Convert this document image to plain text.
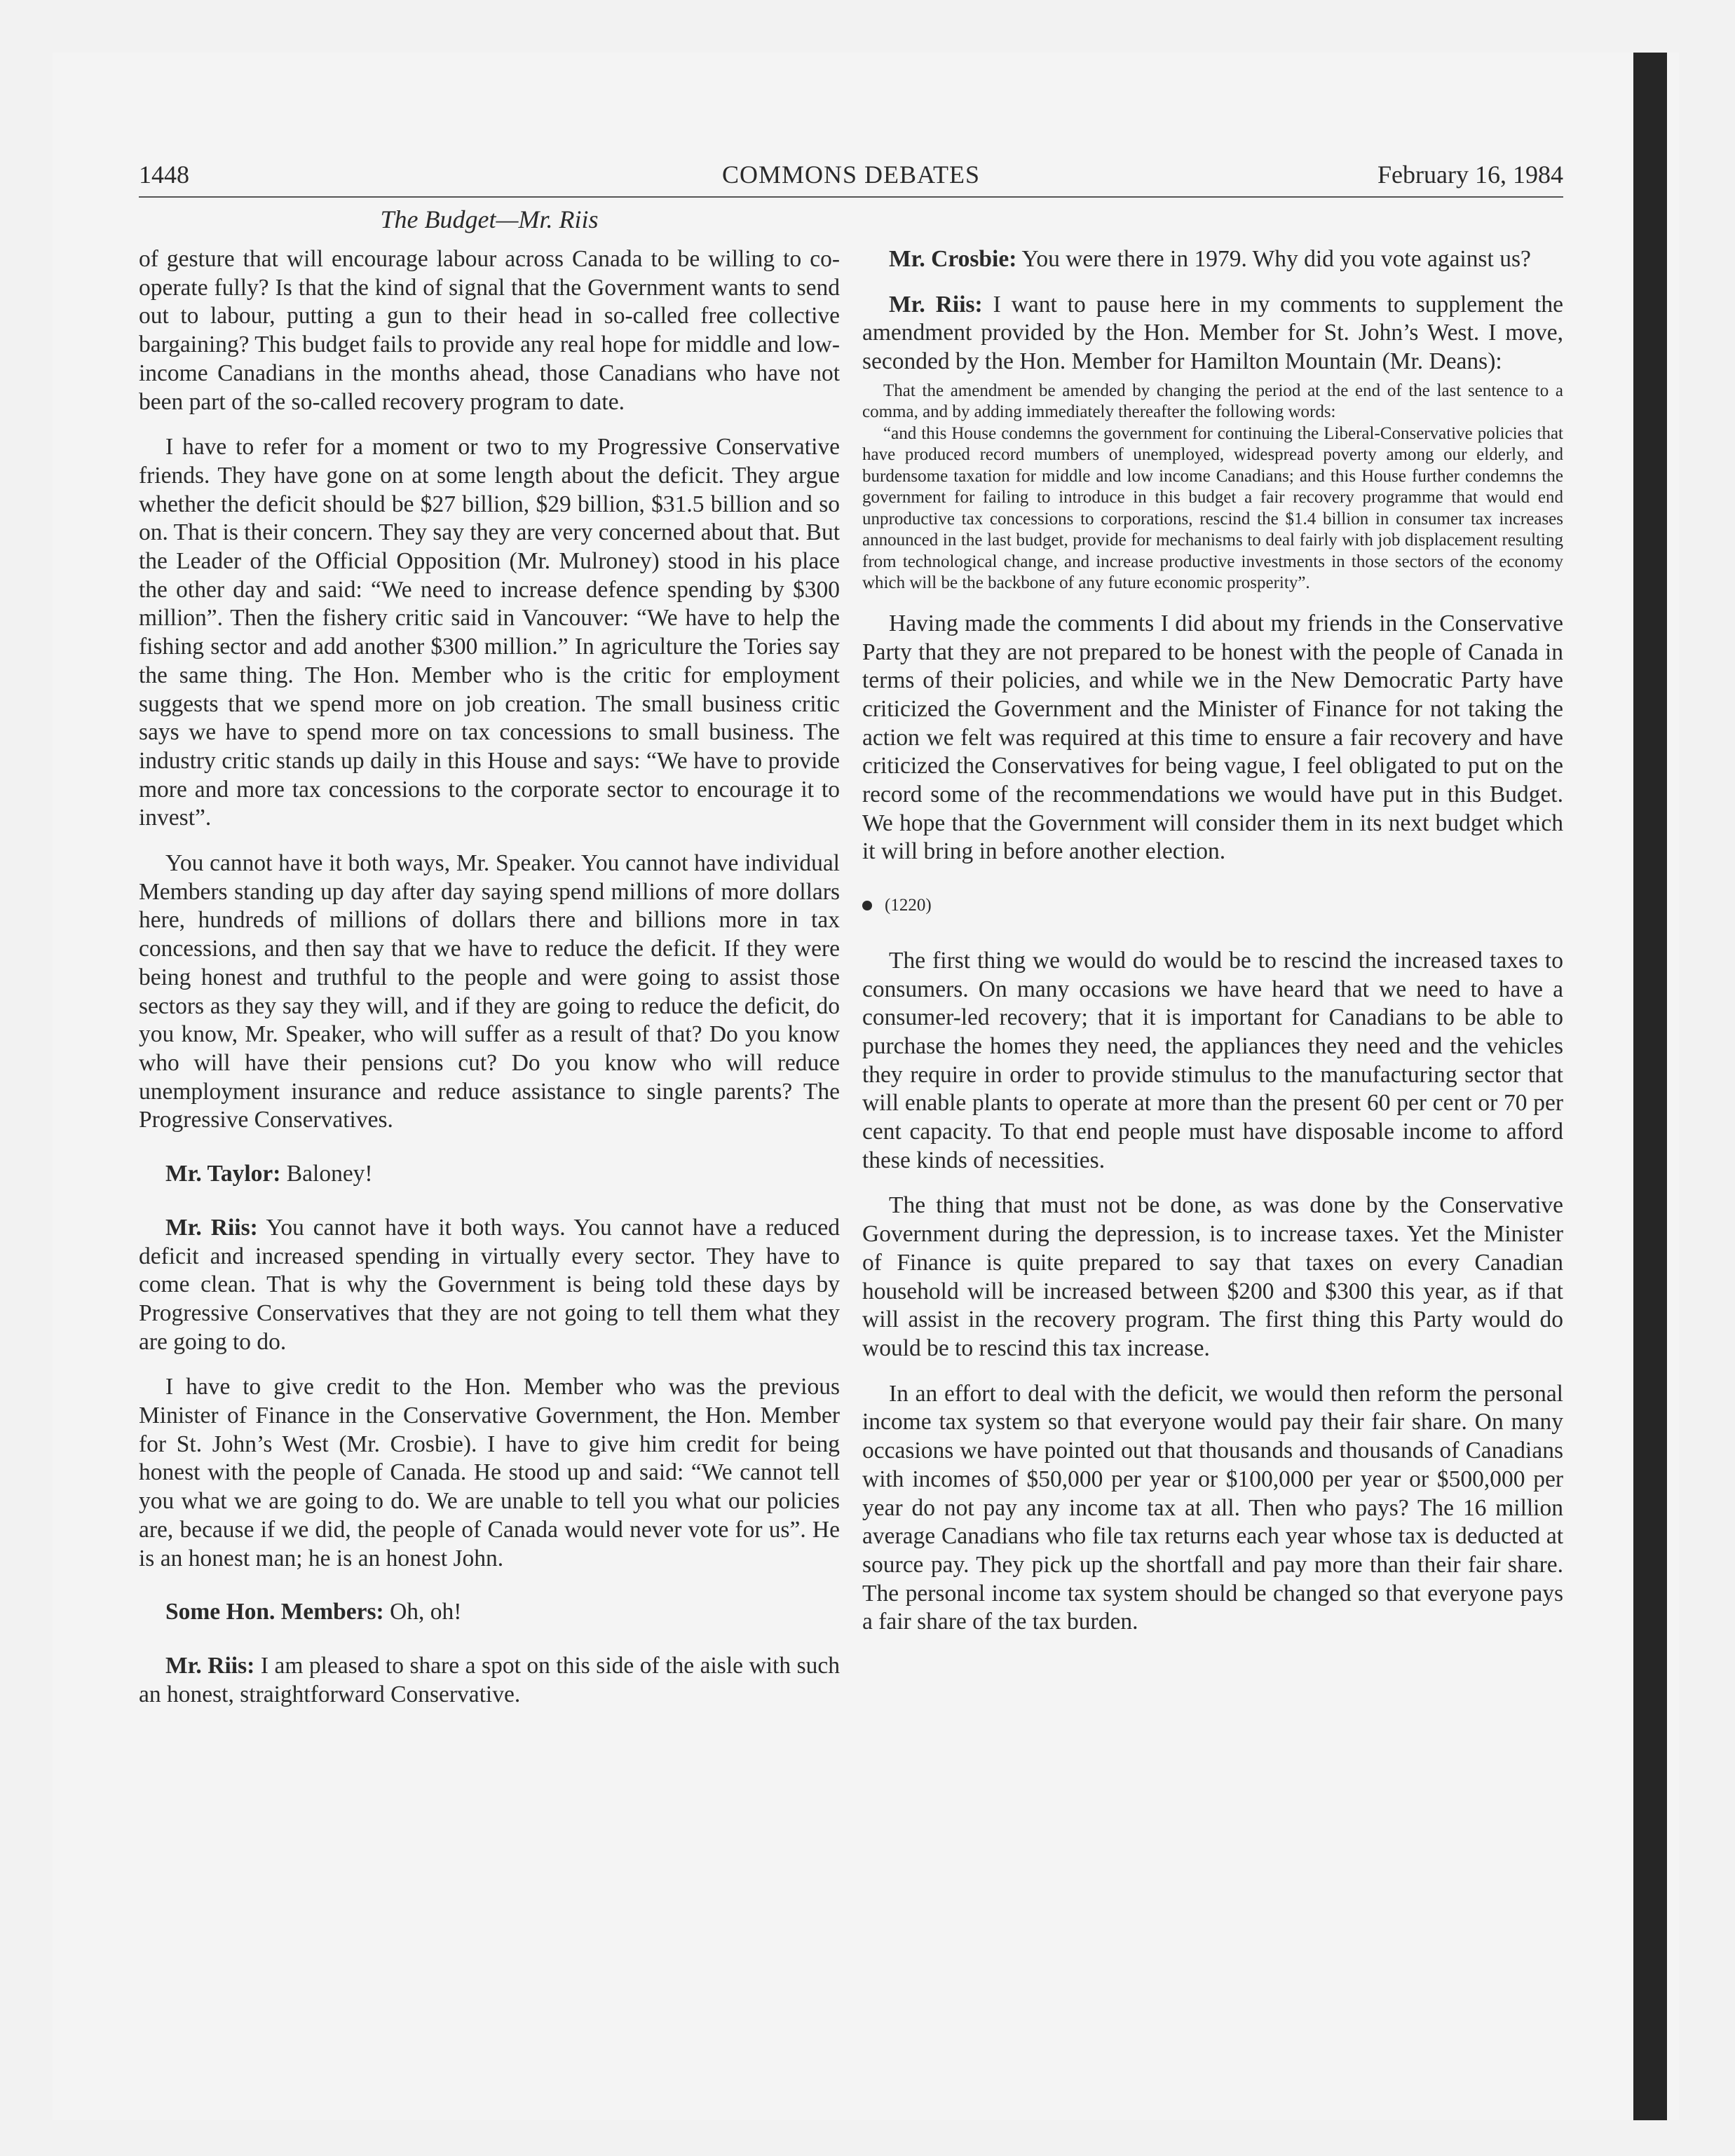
1448	COMMONS DEBATES	February 16, 1984
The Budget—Mr. Riis

of gesture that will encourage labour across Canada to be willing to co-operate fully? Is that the kind of signal that the Government wants to send out to labour, putting a gun to their head in so-called free collective bargaining? This budget fails to provide any real hope for middle and low-income Canadians in the months ahead, those Canadians who have not been part of the so-called recovery program to date.

I have to refer for a moment or two to my Progressive Conservative friends. They have gone on at some length about the deficit. They argue whether the deficit should be $27 billion, $29 billion, $31.5 billion and so on. That is their concern. They say they are very concerned about that. But the Leader of the Official Opposition (Mr. Mulroney) stood in his place the other day and said: “We need to increase defence spending by $300 million”. Then the fishery critic said in Vancouver: “We have to help the fishing sector and add another $300 million.” In agriculture the Tories say the same thing. The Hon. Member who is the critic for employment suggests that we spend more on job creation. The small business critic says we have to spend more on tax concessions to small business. The industry critic stands up daily in this House and says: “We have to provide more and more tax concessions to the corporate sector to encourage it to invest”.

You cannot have it both ways, Mr. Speaker. You cannot have individual Members standing up day after day saying spend millions of more dollars here, hundreds of millions of dollars there and billions more in tax concessions, and then say that we have to reduce the deficit. If they were being honest and truthful to the people and were going to assist those sectors as they say they will, and if they are going to reduce the deficit, do you know, Mr. Speaker, who will suffer as a result of that? Do you know who will have their pensions cut? Do you know who will reduce unemployment insurance and reduce assistance to single parents? The Progressive Conservatives.

Mr. Taylor: Baloney!

Mr. Riis: You cannot have it both ways. You cannot have a reduced deficit and increased spending in virtually every sector. They have to come clean. That is why the Government is being told these days by Progressive Conservatives that they are not going to tell them what they are going to do.

I have to give credit to the Hon. Member who was the previous Minister of Finance in the Conservative Government, the Hon. Member for St. John’s West (Mr. Crosbie). I have to give him credit for being honest with the people of Canada. He stood up and said: “We cannot tell you what we are going to do. We are unable to tell you what our policies are, because if we did, the people of Canada would never vote for us”. He is an honest man; he is an honest John.

Some Hon. Members: Oh, oh!

Mr. Riis: I am pleased to share a spot on this side of the aisle with such an honest, straightforward Conservative.

Mr. Crosbie: You were there in 1979. Why did you vote against us?

Mr. Riis: I want to pause here in my comments to supplement the amendment provided by the Hon. Member for St. John’s West. I move, seconded by the Hon. Member for Hamilton Mountain (Mr. Deans):

That the amendment be amended by changing the period at the end of the last sentence to a comma, and by adding immediately thereafter the following words:
“and this House condemns the government for continuing the Liberal-Conservative policies that have produced record mumbers of unemployed, widespread poverty among our elderly, and burdensome taxation for middle and low income Canadians; and this House further condemns the government for failing to introduce in this budget a fair recovery programme that would end unproductive tax concessions to corporations, rescind the $1.4 billion in consumer tax increases announced in the last budget, provide for mechanisms to deal fairly with job displacement resulting from technological change, and increase productive investments in those sectors of the economy which will be the backbone of any future economic prosperity”.

Having made the comments I did about my friends in the Conservative Party that they are not prepared to be honest with the people of Canada in terms of their policies, and while we in the New Democratic Party have criticized the Government and the Minister of Finance for not taking the action we felt was required at this time to ensure a fair recovery and have criticized the Conservatives for being vague, I feel obligated to put on the record some of the recommendations we would have put in this Budget. We hope that the Government will consider them in its next budget which it will bring in before another election.

(1220)

The first thing we would do would be to rescind the increased taxes to consumers. On many occasions we have heard that we need to have a consumer-led recovery; that it is important for Canadians to be able to purchase the homes they need, the appliances they need and the vehicles they require in order to provide stimulus to the manufacturing sector that will enable plants to operate at more than the present 60 per cent or 70 per cent capacity. To that end people must have disposable income to afford these kinds of necessities.

The thing that must not be done, as was done by the Conservative Government during the depression, is to increase taxes. Yet the Minister of Finance is quite prepared to say that taxes on every Canadian household will be increased between $200 and $300 this year, as if that will assist in the recovery program. The first thing this Party would do would be to rescind this tax increase.

In an effort to deal with the deficit, we would then reform the personal income tax system so that everyone would pay their fair share. On many occasions we have pointed out that thousands and thousands of Canadians with incomes of $50,000 per year or $100,000 per year or $500,000 per year do not pay any income tax at all. Then who pays? The 16 million average Canadians who file tax returns each year whose tax is deducted at source pay. They pick up the shortfall and pay more than their fair share. The personal income tax system should be changed so that everyone pays a fair share of the tax burden.
